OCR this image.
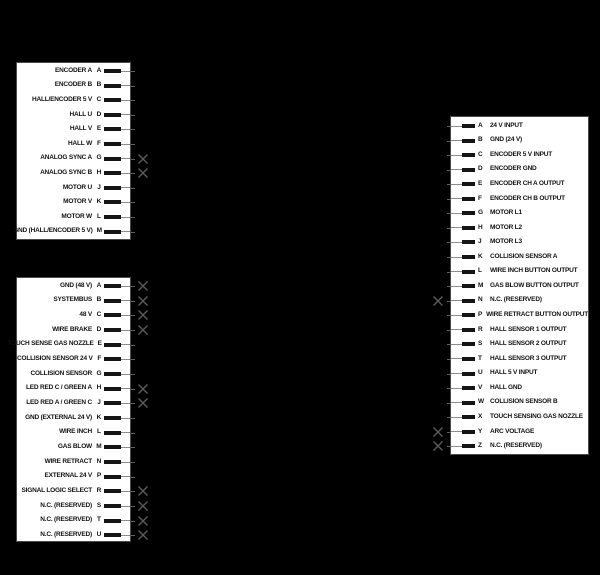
ENCODER A A
ENCODER B B
HALL/ENCODER 5 V C
HALL U D
HALL V E
HALL W F
ANALOG SYNC A G
ANALOG SYNC B H
MOTOR U J
MOTOR V K
MOTOR W L
GND (HALL/ENCODER 5 V) M
GND (48 V) A
SYSTEMBUS B
48 V C
WIRE BRAKE D
TOUCH SENSE GAS NOZZLE E
COLLISION SENSOR 24 V F
COLLISION SENSOR G
LED RED C / GREEN A H
LED RED A / GREEN C J
GND (EXTERNAL 24 V) K
WIRE INCH L
GAS BLOW M
WIRE RETRACT N
EXTERNAL 24 V P
SIGNAL LOGIC SELECT R
N.C. (RESERVED) S
N.C. (RESERVED) T
N.C. (RESERVED) U
A	24 V INPUT
B	GND (24 V)
C	ENCODER 5 V INPUT
D	ENCODER GND
E	ENCODER CH A OUTPUT
F	ENCODER CH B OUTPUT
G	MOTOR L1
H	MOTOR L2
J	MOTOR L3
K	COLLISION SENSOR A
L	WIRE INCH BUTTON OUTPUT
M	GAS BLOW BUTTON OUTPUT
N	N.C. (RESERVED)
P WIRE RETRACT BUTTON OUTPUT
R	HALL SENSOR 1 OUTPUT
S	HALL SENSOR 2 OUTPUT
T	HALL SENSOR 3 OUTPUT
U	HALL 5 V INPUT
V	HALL GND
W COLLISION SENSOR B
X	TOUCH SENSING GAS NOZZLE
Y	ARC VOLTAGE
Z	N.C. (RESERVED)
